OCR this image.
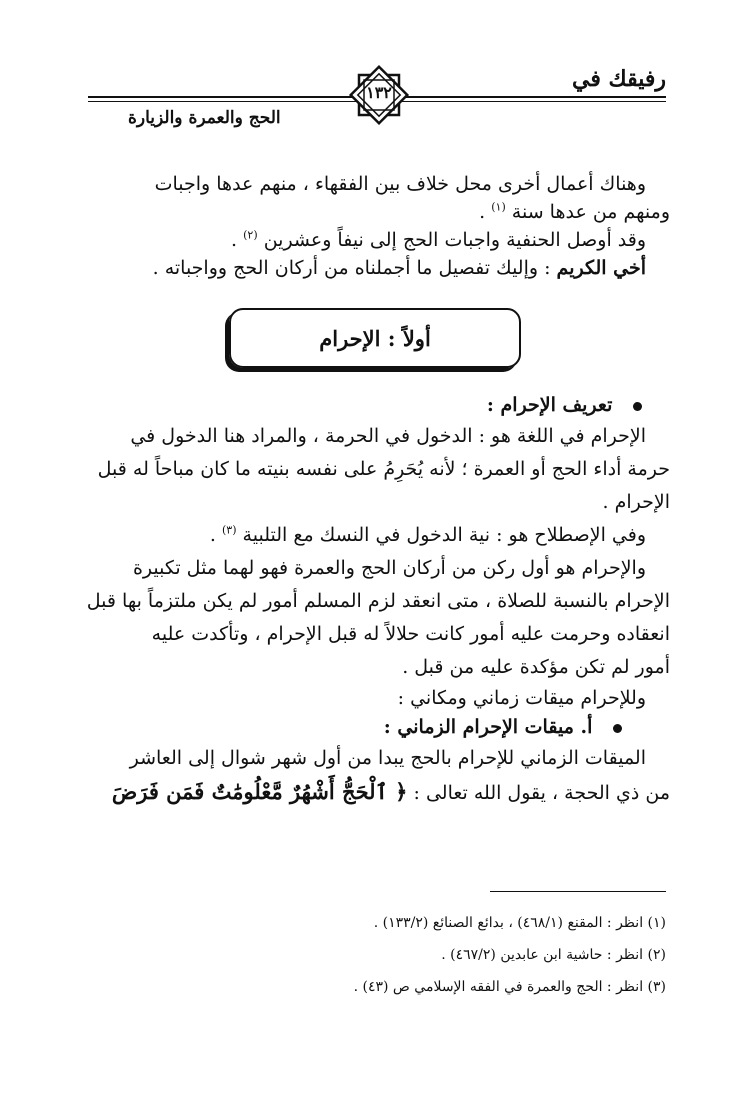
رفيقك في
١٣٢
الحج والعمرة والزيارة
وهناك أعمال أخرى محل خلاف بين الفقهاء ، منهم عدها واجبات
ومنهم من عدها سنة $^{(١)}$ .
وقد أوصل الحنفية واجبات الحج إلى نيفاً وعشرين $^{(٢)}$ .
أخي الكريم : وإليك تفصيل ما أجملناه من أركان الحج وواجباته .
أولاً : الإحرام
تعريف الإحرام :
الإحرام في اللغة هو : الدخول في الحرمة ، والمراد هنا الدخول في
حرمة أداء الحج أو العمرة ؛ لأنه يُحَرِمُ على نفسه بنيته ما كان مباحاً له قبل
الإحرام .
وفي الإصطلاح هو : نية الدخول في النسك مع التلبية $^{(٣)}$ .
والإحرام هو أول ركن من أركان الحج والعمرة فهو لهما مثل تكبيرة
الإحرام بالنسبة للصلاة ، متى انعقد لزم المسلم أمور لم يكن ملتزماً بها قبل
انعقاده وحرمت عليه أمور كانت حلالاً له قبل الإحرام ، وتأكدت عليه
أمور لم تكن مؤكدة عليه من قبل .
وللإحرام ميقات زماني ومكاني :
أ. ميقات الإحرام الزماني :
الميقات الزماني للإحرام بالحج يبدا من أول شهر شوال إلى العاشر
من ذي الحجة ، يقول الله تعالى : ﴿ ٱلْحَجُّ أَشْهُرٌ مَّعْلُومَٰتٌ فَمَن فَرَضَ
(١) انظر : المقنع (٤٦٨/١) ، بدائع الصنائع (١٣٣/٢) .
(٢) انظر : حاشية ابن عابدين (٤٦٧/٢) .
(٣) انظر : الحج والعمرة في الفقه الإسلامي ص (٤٣) .
